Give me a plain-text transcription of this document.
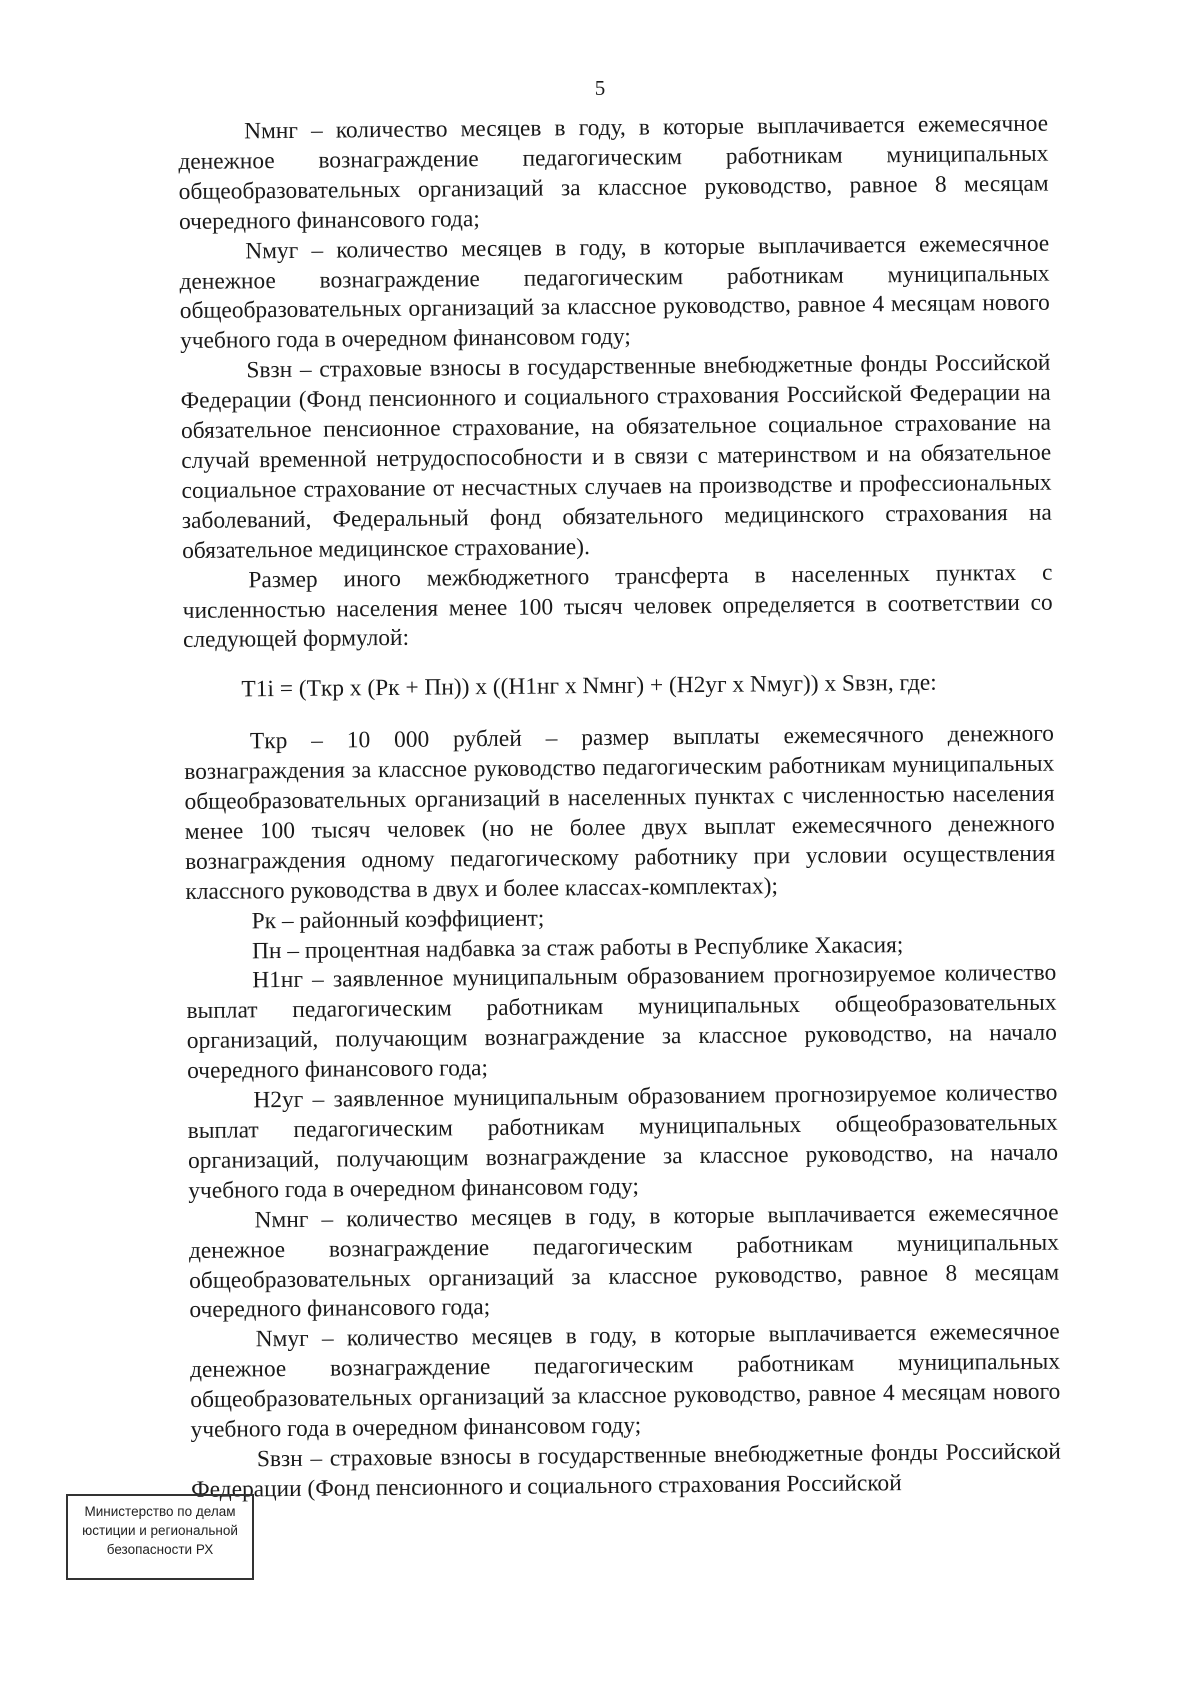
5

Nмнг – количество месяцев в году, в которые выплачивается ежемесячное денежное вознаграждение педагогическим работникам муниципальных общеобразовательных организаций за классное руководство, равное 8 месяцам очередного финансового года;

Nмуг – количество месяцев в году, в которые выплачивается ежемесячное денежное вознаграждение педагогическим работникам муниципальных общеобразовательных организаций за классное руководство, равное 4 месяцам нового учебного года в очередном финансовом году;

Sвзн – страховые взносы в государственные внебюджетные фонды Российской Федерации (Фонд пенсионного и социального страхования Российской Федерации на обязательное пенсионное страхование, на обязательное социальное страхование на случай временной нетрудоспособности и в связи с материнством и на обязательное социальное страхование от несчастных случаев на производстве и профессиональных заболеваний, Федеральный фонд обязательного медицинского страхования на обязательное медицинское страхование).

Размер иного межбюджетного трансферта в населенных пунктах с численностью населения менее 100 тысяч человек определяется в соответствии со следующей формулой:

T1i = (Tкр x (Pк + Пн)) x ((H1нг x Nмнг) + (H2уг x Nмуг)) x Sвзн, где:

Tкр – 10 000 рублей – размер выплаты ежемесячного денежного вознаграждения за классное руководство педагогическим работникам муниципальных общеобразовательных организаций в населенных пунктах с численностью населения менее 100 тысяч человек (но не более двух выплат ежемесячного денежного вознаграждения одному педагогическому работнику при условии осуществления классного руководства в двух и более классах-комплектах);

Pк – районный коэффициент;

Пн – процентная надбавка за стаж работы в Республике Хакасия;

H1нг – заявленное муниципальным образованием прогнозируемое количество выплат педагогическим работникам муниципальных общеобразовательных организаций, получающим вознаграждение за классное руководство, на начало очередного финансового года;

H2уг – заявленное муниципальным образованием прогнозируемое количество выплат педагогическим работникам муниципальных общеобразовательных организаций, получающим вознаграждение за классное руководство, на начало учебного года в очередном финансовом году;

Nмнг – количество месяцев в году, в которые выплачивается ежемесячное денежное вознаграждение педагогическим работникам муниципальных общеобразовательных организаций за классное руководство, равное 8 месяцам очередного финансового года;

Nмуг – количество месяцев в году, в которые выплачивается ежемесячное денежное вознаграждение педагогическим работникам муниципальных общеобразовательных организаций за классное руководство, равное 4 месяцам нового учебного года в очередном финансовом году;

Sвзн – страховые взносы в государственные внебюджетные фонды Российской Федерации (Фонд пенсионного и социального страхования Российской

Министерство по делам
юстиции и региональной
безопасности РХ
